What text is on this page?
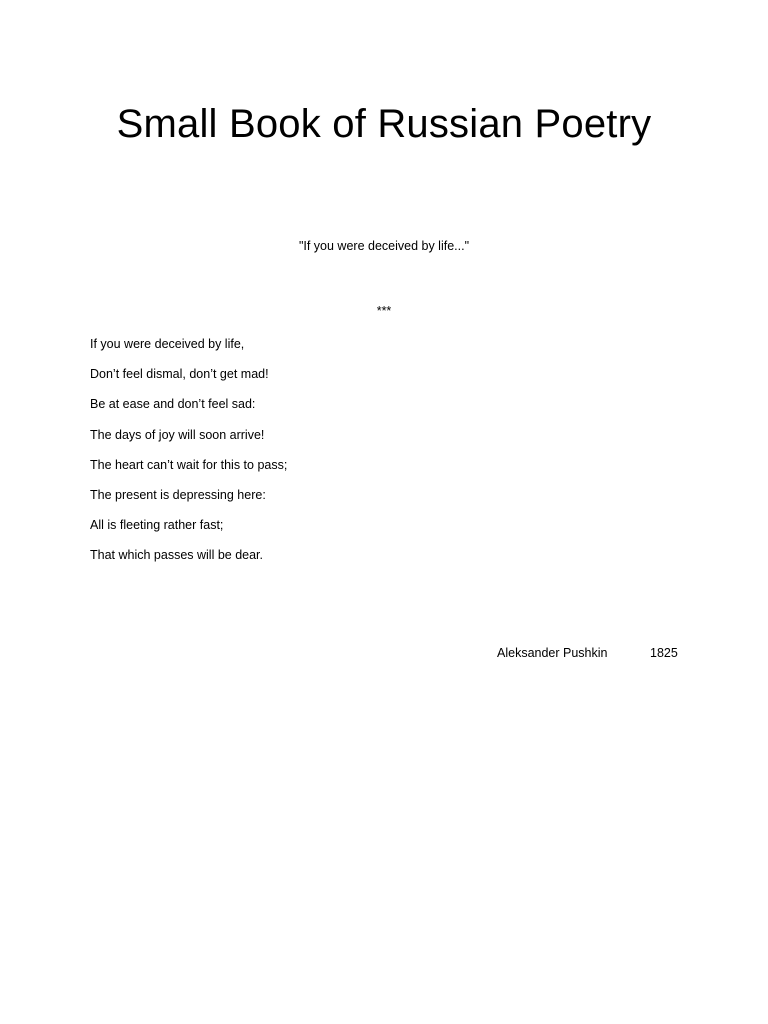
Small Book of Russian Poetry
"If you were deceived by life..."
***
If you were deceived by life,
Don’t feel dismal, don’t get mad!
Be at ease and don’t feel sad:
The days of joy will soon arrive!
The heart can’t wait for this to pass;
The present is depressing here:
All is fleeting rather fast;
That which passes will be dear.
Aleksander Pushkin	1825
